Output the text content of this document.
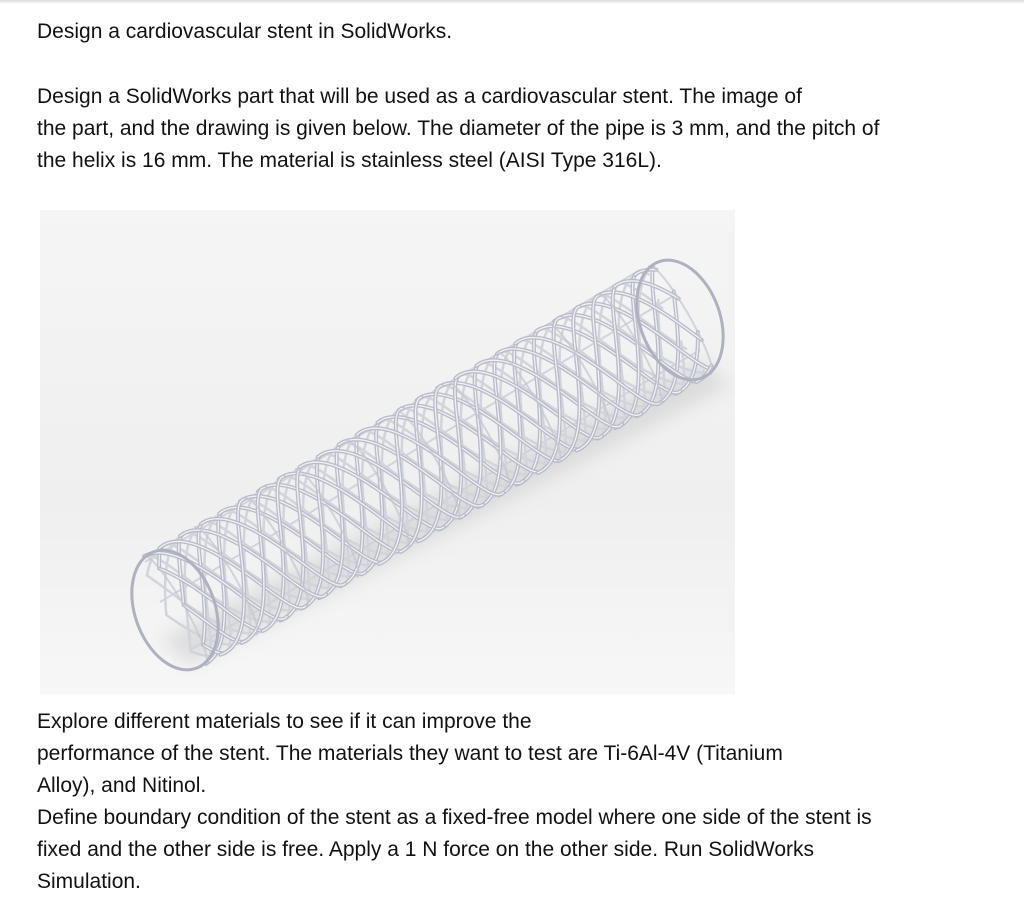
Design a cardiovascular stent in SolidWorks.

Design a SolidWorks part that will be used as a cardiovascular stent. The image of
the part, and the drawing is given below. The diameter of the pipe is 3 mm, and the pitch of
the helix is 16 mm. The material is stainless steel (AISI Type 316L).

Explore different materials to see if it can improve the
performance of the stent. The materials they want to test are Ti-6Al-4V (Titanium
Alloy), and Nitinol.
Define boundary condition of the stent as a fixed-free model where one side of the stent is
fixed and the other side is free. Apply a 1 N force on the other side. Run SolidWorks
Simulation.
